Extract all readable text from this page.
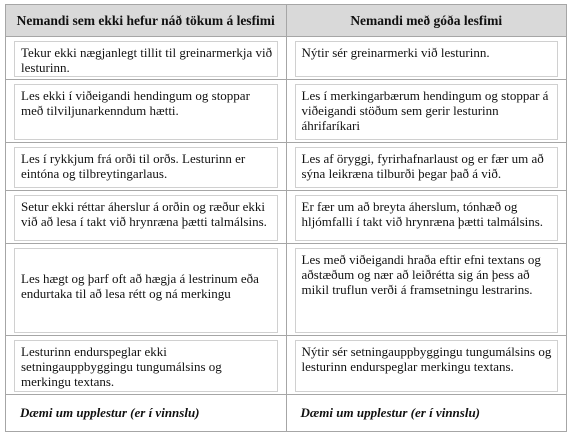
Nemandi sem ekki hefur náð tökum á lesfimi	Nemandi með góða lesfimi

Tekur ekki nægjanlegt tillit til greinarmerkja við lesturinn.	Nýtir sér greinarmerki við lesturinn.

Les ekki í viðeigandi hendingum og stoppar með tilviljunarkenndum hætti.	Les í merkingarbærum hendingum og stoppar á viðeigandi stöðum sem gerir lesturinn áhrifaríkari

Les í rykkjum frá orði til orðs. Lesturinn er eintóna og tilbreytingarlaus.	Les af öryggi, fyrirhafnarlaust og er fær um að sýna leikræna tilburði þegar það á við.

Setur ekki réttar áherslur á orðin og ræður ekki við að lesa í takt við hrynræna þætti talmálsins.	Er fær um að breyta áherslum, tónhæð og hljómfalli í takt við hrynræna þætti talmálsins.

Les hægt og þarf oft að hægja á lestrinum eða endurtaka til að lesa rétt og ná merkingu	Les með viðeigandi hraða eftir efni textans og aðstæðum og nær að leiðrétta sig án þess að mikil truflun verði á framsetningu lestrarins.

Lesturinn endurspeglar ekki setningauppbyggingu tungumálsins og merkingu textans.	Nýtir sér setningauppbyggingu tungumálsins og lesturinn endurspeglar merkingu textans.

Dæmi um upplestur (er í vinnslu)	Dæmi um upplestur (er í vinnslu)
